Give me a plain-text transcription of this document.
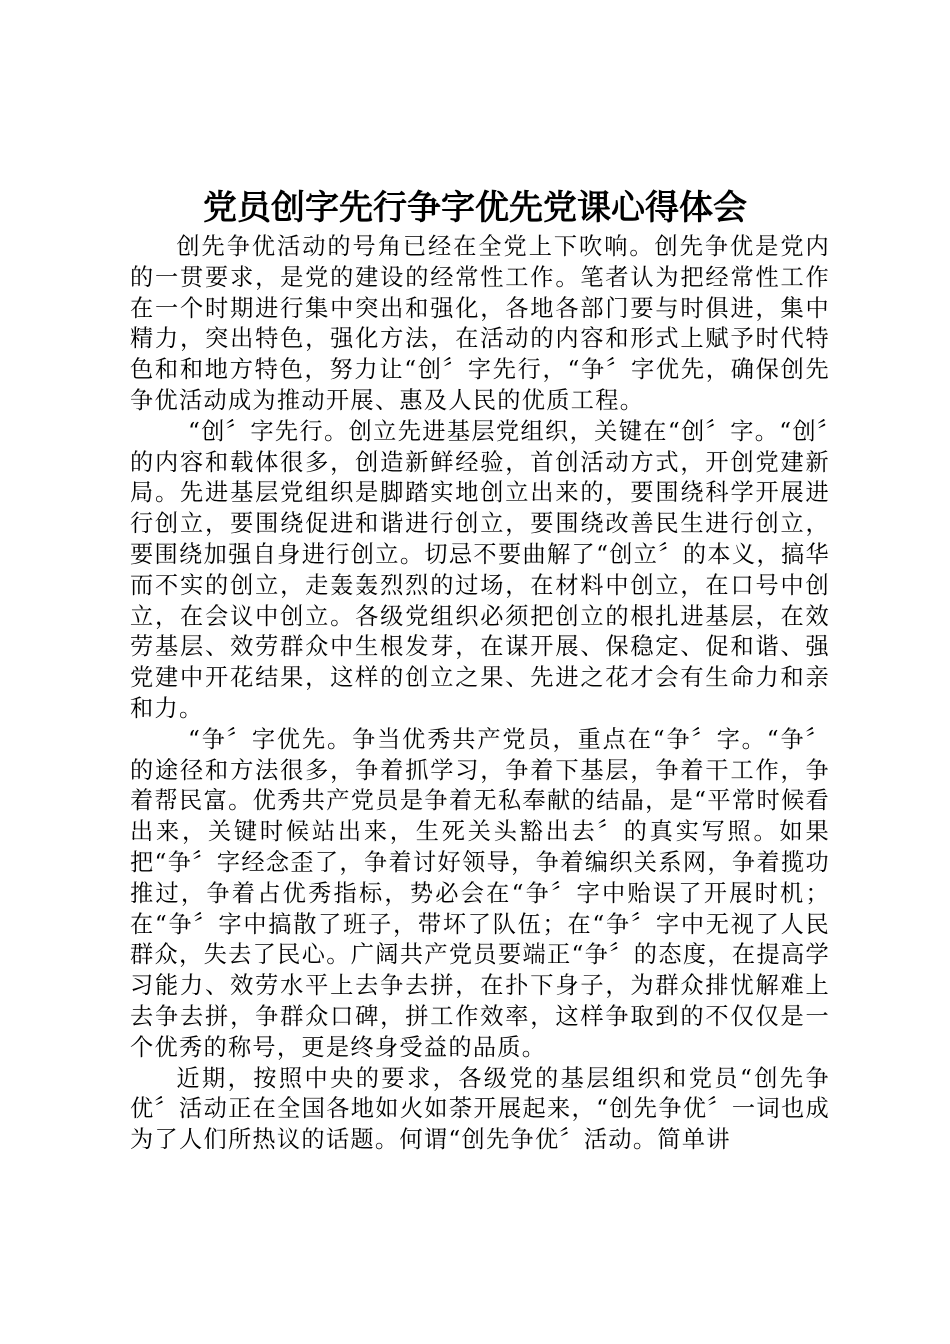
党员创字先行争字优先党课心得体会

创先争优活动的号角已经在全党上下吹响。创先争优是党内的一贯要求，是党的建设的经常性工作。笔者认为把经常性工作在一个时期进行集中突出和强化，各地各部门要与时俱进，集中精力，突出特色，强化方法，在活动的内容和形式上赋予时代特色和和地方特色，努力让“创〞字先行，“争〞字优先，确保创先争优活动成为推动开展、惠及人民的优质工程。

“创〞字先行。创立先进基层党组织，关键在“创〞字。“创〞的内容和载体很多，创造新鲜经验，首创活动方式，开创党建新局。先进基层党组织是脚踏实地创立出来的，要围绕科学开展进行创立，要围绕促进和谐进行创立，要围绕改善民生进行创立，要围绕加强自身进行创立。切忌不要曲解了“创立〞的本义，搞华而不实的创立，走轰轰烈烈的过场，在材料中创立，在口号中创立，在会议中创立。各级党组织必须把创立的根扎进基层，在效劳基层、效劳群众中生根发芽，在谋开展、保稳定、促和谐、强党建中开花结果，这样的创立之果、先进之花才会有生命力和亲和力。

“争〞字优先。争当优秀共产党员，重点在“争〞字。“争〞的途径和方法很多，争着抓学习，争着下基层，争着干工作，争着帮民富。优秀共产党员是争着无私奉献的结晶，是“平常时候看出来，关键时候站出来，生死关头豁出去〞的真实写照。如果把“争〞字经念歪了，争着讨好领导，争着编织关系网，争着揽功推过，争着占优秀指标，势必会在“争〞字中贻误了开展时机；在“争〞字中搞散了班子，带坏了队伍；在“争〞字中无视了人民群众，失去了民心。广阔共产党员要端正“争〞的态度，在提高学习能力、效劳水平上去争去拼，在扑下身子，为群众排忧解难上去争去拼，争群众口碑，拼工作效率，这样争取到的不仅仅是一个优秀的称号，更是终身受益的品质。

近期，按照中央的要求，各级党的基层组织和党员“创先争优〞活动正在全国各地如火如荼开展起来，“创先争优〞一词也成为了人们所热议的话题。何谓“创先争优〞活动。简单讲
